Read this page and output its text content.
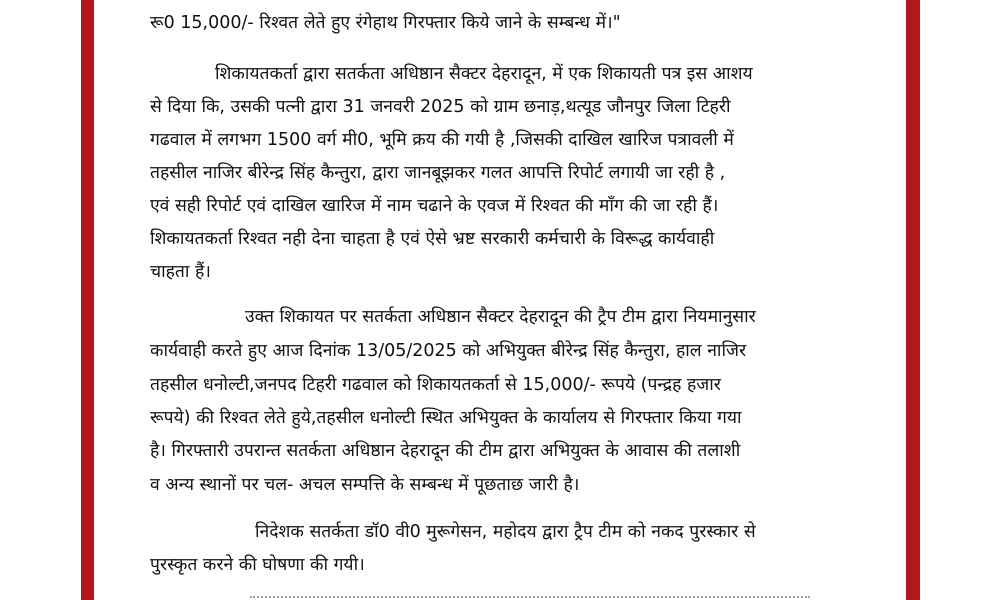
रू0 15,000/- रिश्वत लेते हुए रंगेहाथ गिरफ्तार किये जाने के सम्बन्ध में।"
शिकायतकर्ता द्वारा सतर्कता अधिष्ठान सैक्टर देहरादून, में एक शिकायती पत्र इस आशय
से दिया कि, उसकी पत्नी द्वारा 31 जनवरी 2025 को ग्राम छनाड़,थत्यूड जौनपुर जिला टिहरी
गढवाल में लगभग 1500 वर्ग मी0, भूमि क्रय की गयी है ,जिसकी दाखिल खारिज पत्रावली में
तहसील नाजिर बीरेन्द्र सिंह कैन्तुरा, द्वारा जानबूझकर गलत आपत्ति रिपोर्ट लगायी जा रही है ,
एवं सही रिपोर्ट एवं दाखिल खारिज में नाम चढाने के एवज में रिश्वत की माँग की जा रही हैं।
शिकायतकर्ता रिश्वत नही देना चाहता है एवं ऐसे भ्रष्ट सरकारी कर्मचारी के विरूद्ध कार्यवाही
चाहता हैं।
उक्त शिकायत पर सतर्कता अधिष्ठान सैक्टर देहरादून की ट्रैप टीम द्वारा नियमानुसार
कार्यवाही करते हुए आज दिनांक 13/05/2025 को अभियुक्त बीरेन्द्र सिंह कैन्तुरा, हाल नाजिर
तहसील धनोल्टी,जनपद टिहरी गढवाल को शिकायतकर्ता से 15,000/- रूपये (पन्द्रह हजार
रूपये) की रिश्वत लेते हुये,तहसील धनोल्टी स्थित अभियुक्त के कार्यालय से गिरफ्तार किया गया
है। गिरफ्तारी उपरान्त सतर्कता अधिष्ठान देहरादून की टीम द्वारा अभियुक्त के आवास की तलाशी
व अन्य स्थानों पर चल- अचल सम्पत्ति के सम्बन्ध में पूछताछ जारी है।
निदेशक सतर्कता डॉ0 वी0 मुरूगेसन, महोदय द्वारा ट्रैप टीम को नकद पुरस्कार से
पुरस्कृत करने की घोषणा की गयी।
